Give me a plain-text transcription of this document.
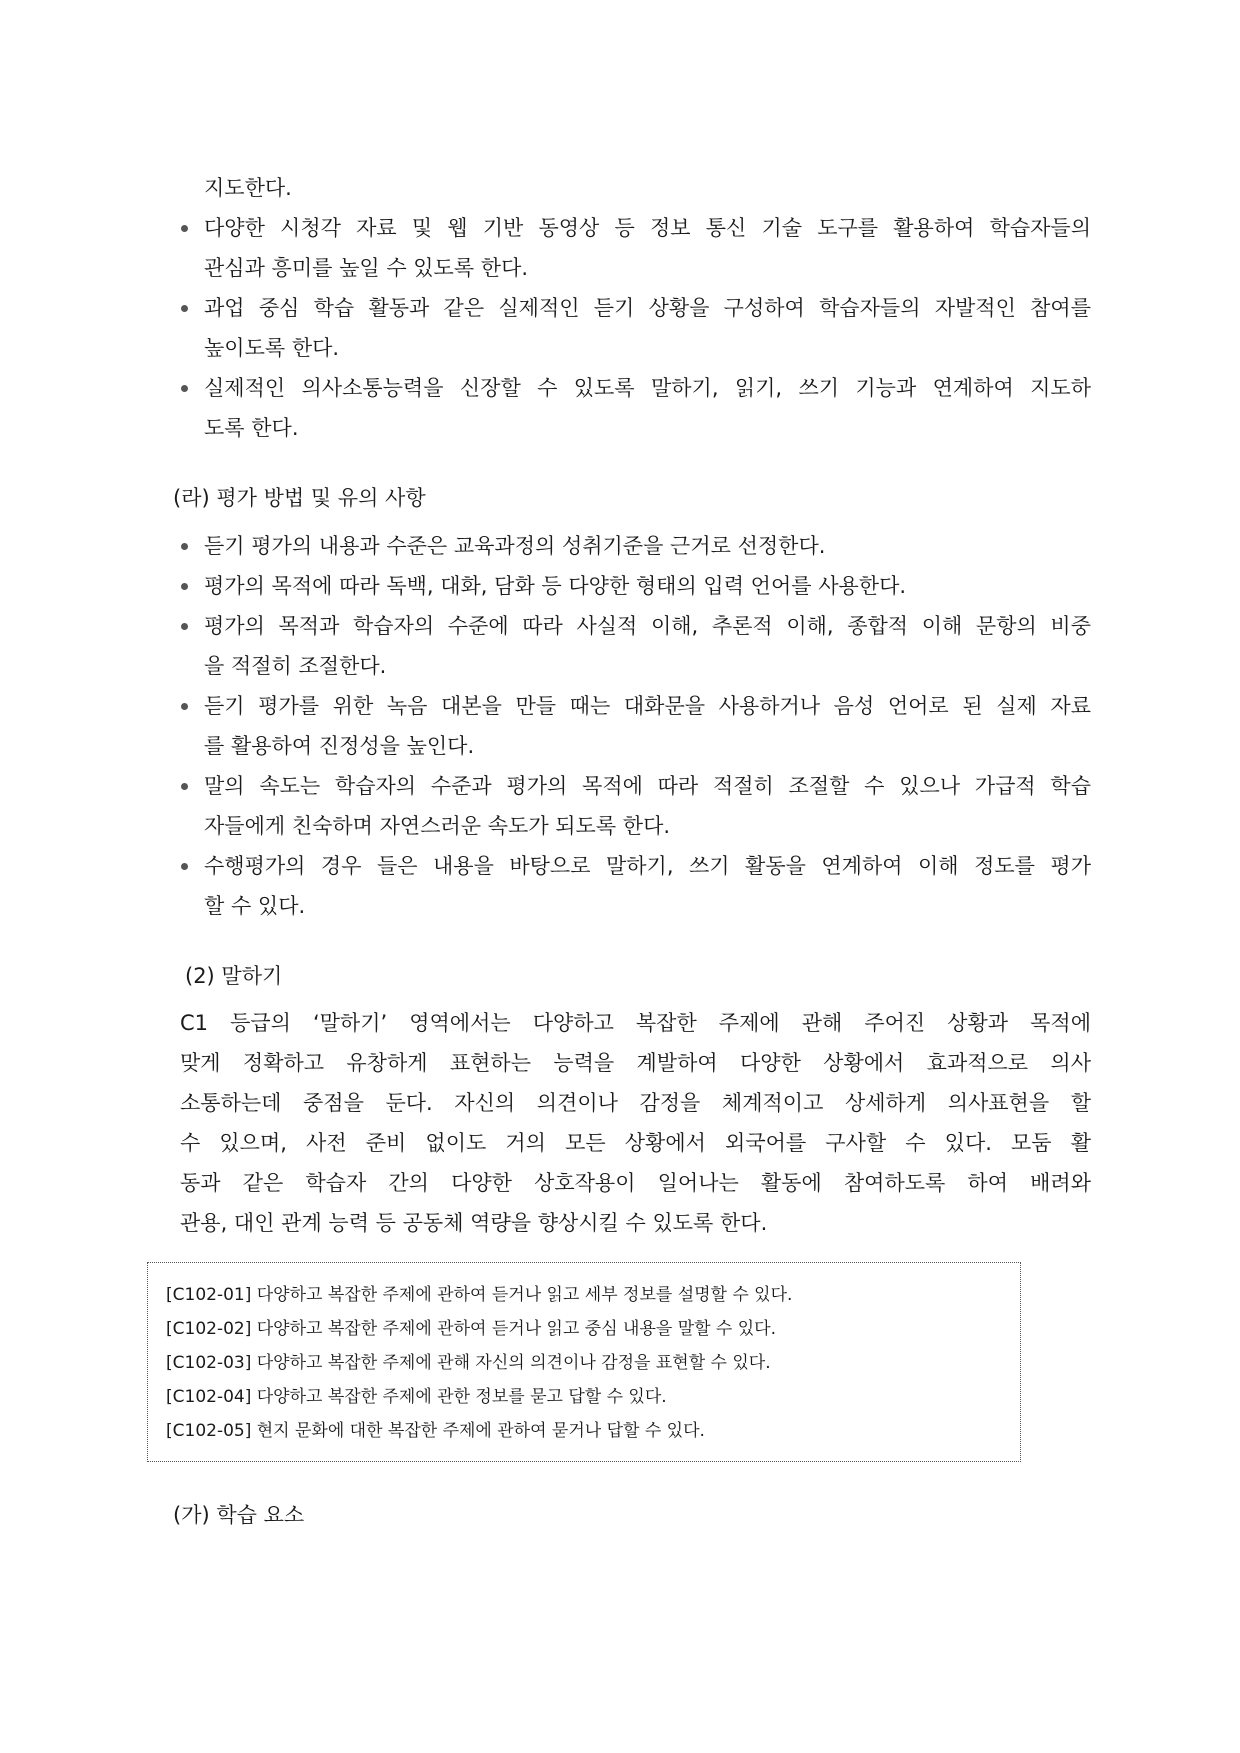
지도한다.
다양한 시청각 자료 및 웹 기반 동영상 등 정보 통신 기술 도구를 활용하여 학습자들의
관심과 흥미를 높일 수 있도록 한다.
과업 중심 학습 활동과 같은 실제적인 듣기 상황을 구성하여 학습자들의 자발적인 참여를
높이도록 한다.
실제적인 의사소통능력을 신장할 수 있도록 말하기, 읽기, 쓰기 기능과 연계하여 지도하
도록 한다.
(라) 평가 방법 및 유의 사항
듣기 평가의 내용과 수준은 교육과정의 성취기준을 근거로 선정한다.
평가의 목적에 따라 독백, 대화, 담화 등 다양한 형태의 입력 언어를 사용한다.
평가의 목적과 학습자의 수준에 따라 사실적 이해, 추론적 이해, 종합적 이해 문항의 비중
을 적절히 조절한다.
듣기 평가를 위한 녹음 대본을 만들 때는 대화문을 사용하거나 음성 언어로 된 실제 자료
를 활용하여 진정성을 높인다.
말의 속도는 학습자의 수준과 평가의 목적에 따라 적절히 조절할 수 있으나 가급적 학습
자들에게 친숙하며 자연스러운 속도가 되도록 한다.
수행평가의 경우 들은 내용을 바탕으로 말하기, 쓰기 활동을 연계하여 이해 정도를 평가
할 수 있다.
(2) 말하기
C1 등급의 ‘말하기’ 영역에서는 다양하고 복잡한 주제에 관해 주어진 상황과 목적에
맞게 정확하고 유창하게 표현하는 능력을 계발하여 다양한 상황에서 효과적으로 의사
소통하는데 중점을 둔다. 자신의 의견이나 감정을 체계적이고 상세하게 의사표현을 할
수 있으며, 사전 준비 없이도 거의 모든 상황에서 외국어를 구사할 수 있다. 모둠 활
동과 같은 학습자 간의 다양한 상호작용이 일어나는 활동에 참여하도록 하여 배려와
관용, 대인 관계 능력 등 공동체 역량을 향상시킬 수 있도록 한다.
[C102-01] 다양하고 복잡한 주제에 관하여 듣거나 읽고 세부 정보를 설명할 수 있다.
[C102-02] 다양하고 복잡한 주제에 관하여 듣거나 읽고 중심 내용을 말할 수 있다.
[C102-03] 다양하고 복잡한 주제에 관해 자신의 의견이나 감정을 표현할 수 있다.
[C102-04] 다양하고 복잡한 주제에 관한 정보를 묻고 답할 수 있다.
[C102-05] 현지 문화에 대한 복잡한 주제에 관하여 묻거나 답할 수 있다.
(가) 학습 요소
